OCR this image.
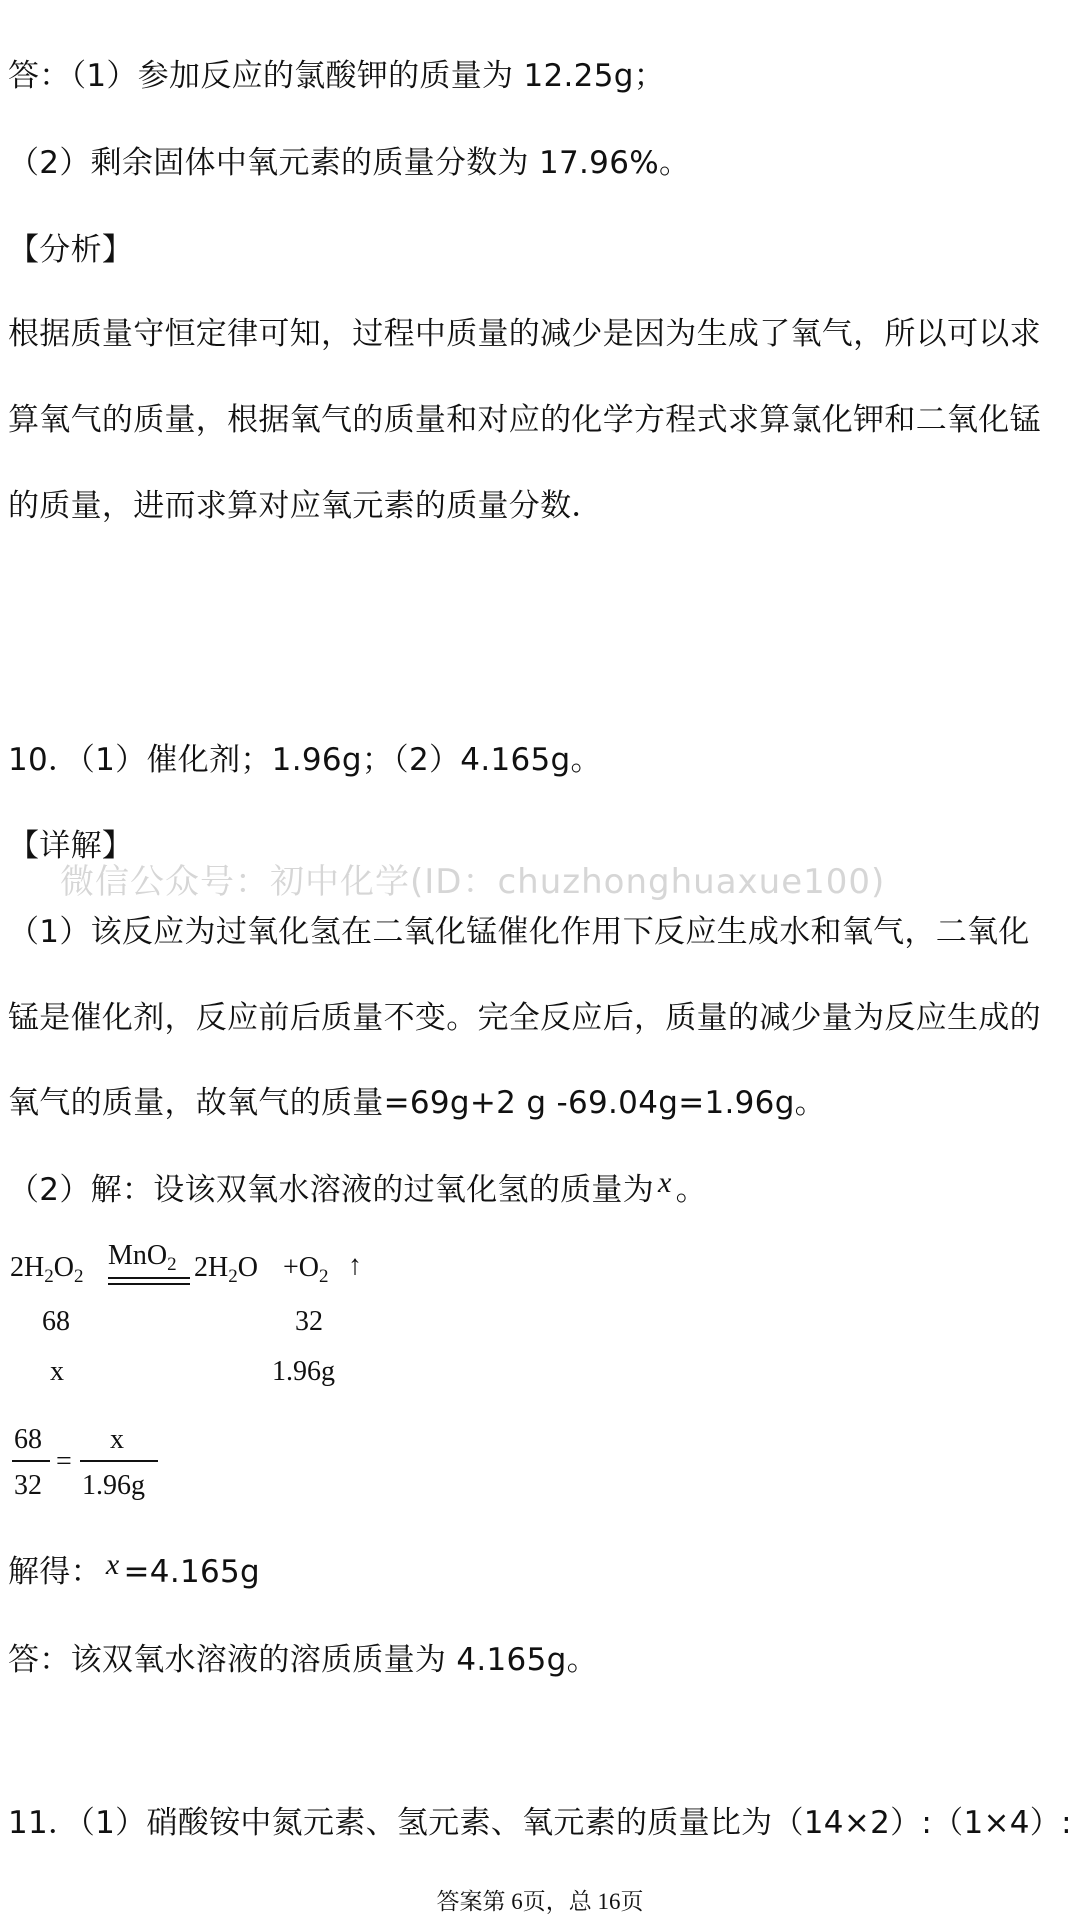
答：（1）参加反应的氯酸钾的质量为 12.25g；
（2）剩余固体中氧元素的质量分数为 17.96%。
【分析】
根据质量守恒定律可知，过程中质量的减少是因为生成了氧气，所以可以求
算氧气的质量，根据氧气的质量和对应的化学方程式求算氯化钾和二氧化锰
的质量，进而求算对应氧元素的质量分数．
10．（1）催化剂；1.96g；（2）4.165g。
【详解】
微信公众号：初中化学(ID：chuzhonghuaxue100)
（1）该反应为过氧化氢在二氧化锰催化作用下反应生成水和氧气，二氧化
锰是催化剂，反应前后质量不变。完全反应后，质量的减少量为反应生成的
氧气的质量，故氧气的质量=69g+2 g -69.04g=1.96g。
（2）解：设该双氧水溶液的过氧化氢的质量为 x 。
$2H_2O_2$
MnO$_2$ $2H_2O +O_2$ ↑
68	32
x	1.96g
68
32
=
x
1.96g
解得： x =4.165g
答：该双氧水溶液的溶质质量为 4.165g。
11．（1）硝酸铵中氮元素、氢元素、氧元素的质量比为（14×2）:（1×4）:
答案第 6页，总 16页
